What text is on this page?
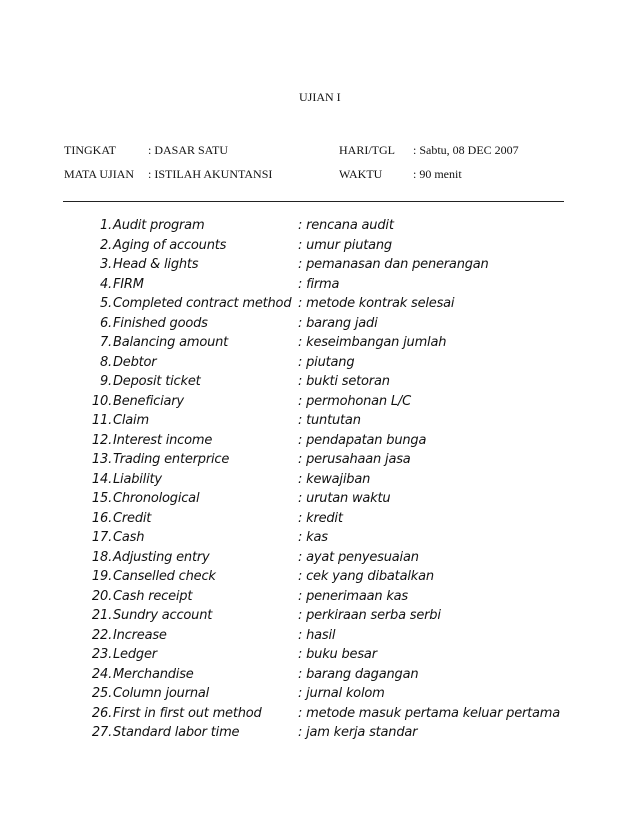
UJIAN I
TINGKAT	: DASAR SATU	HARI/TGL : Sabtu, 08 DEC 2007
MATA UJIAN : ISTILAH AKUNTANSI	WAKTU	: 90 menit
1. Audit program	: rencana audit
2. Aging of accounts	: umur piutang
3. Head & lights	: pemanasan dan penerangan
4. FIRM	: firma
5. Completed contract method : metode kontrak selesai
6. Finished goods	: barang jadi
7. Balancing amount	: keseimbangan jumlah
8. Debtor	: piutang
9. Deposit ticket	: bukti setoran
10. Beneficiary	: permohonan L/C
11. Claim	: tuntutan
12. Interest income	: pendapatan bunga
13. Trading enterprice	: perusahaan jasa
14. Liability	: kewajiban
15. Chronological	: urutan waktu
16. Credit	: kredit
17. Cash	: kas
18. Adjusting entry	: ayat penyesuaian
19. Canselled check	: cek yang dibatalkan
20. Cash receipt	: penerimaan kas
21. Sundry account	: perkiraan serba serbi
22. Increase	: hasil
23. Ledger	: buku besar
24. Merchandise	: barang dagangan
25. Column journal	: jurnal kolom
26. First in first out method	: metode masuk pertama keluar pertama
27. Standard labor time	: jam kerja standar
